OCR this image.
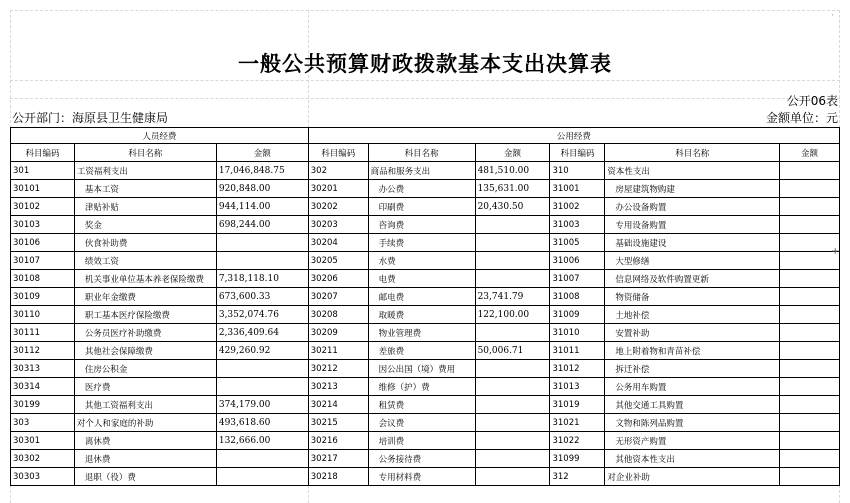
一般公共预算财政拨款基本支出决算表
公开06表
公开部门：海原县卫生健康局	金额单位：元
人员经费			公用经费					
科目编码	科目名称	金额	科目编码	科目名称	金额	科目编码	科目名称	金额
301	工资福利支出	17,046,848.75	302	商品和服务支出	481,510.00	310	资本性支出	
30101	基本工资	920,848.00	30201	办公费	135,631.00	31001	房屋建筑物购建	
30102	津贴补贴	944,114.00	30202	印刷费	20,430.50	31002	办公设备购置	
30103	奖金	698,244.00	30203	咨询费		31003	专用设备购置	
30106	伙食补助费		30204	手续费		31005	基础设施建设	
30107	绩效工资		30205	水费		31006	大型修缮	
30108	机关事业单位基本养老保险缴费	7,318,118.10	30206	电费		31007	信息网络及软件购置更新	
30109	职业年金缴费	673,600.33	30207	邮电费	23,741.79	31008	物资储备	
30110	职工基本医疗保险缴费	3,352,074.76	30208	取暖费	122,100.00	31009	土地补偿	
30111	公务员医疗补助缴费	2,336,409.64	30209	物业管理费		31010	安置补助	
30112	其他社会保障缴费	429,260.92	30211	差旅费	50,006.71	31011	地上附着物和青苗补偿	
30313	住房公积金		30212	因公出国（境）费用		31012	拆迁补偿	
30314	医疗费		30213	维修（护）费		31013	公务用车购置	
30199	其他工资福利支出	374,179.00	30214	租赁费		31019	其他交通工具购置	
303	对个人和家庭的补助	493,618.60	30215	会议费		31021	文物和陈列品购置	
30301	离休费	132,666.00	30216	培训费		31022	无形资产购置	
30302	退休费		30217	公务接待费		31099	其他资本性支出	
30303	退职（役）费		30218	专用材料费		312	对企业补助	
+
·
